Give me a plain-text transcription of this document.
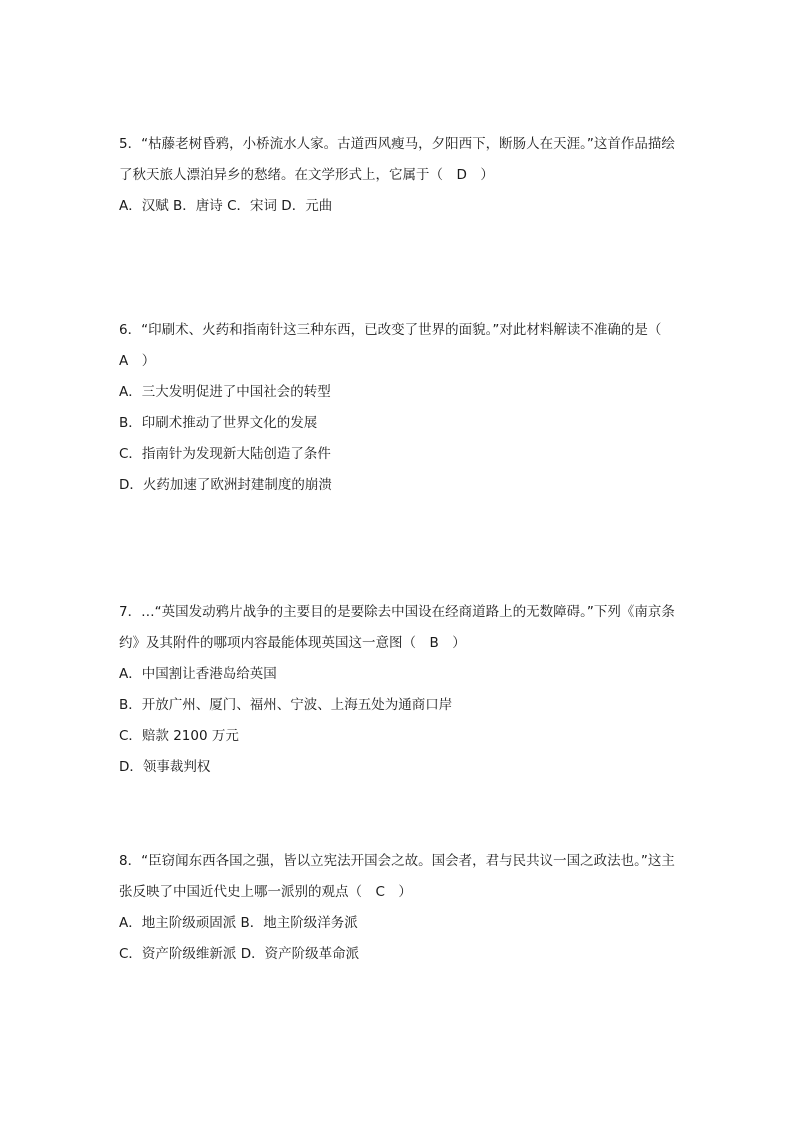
5．“枯藤老树昏鸦，小桥流水人家。古道西风瘦马，夕阳西下，断肠人在天涯。”这首作品描绘了秋天旅人漂泊异乡的愁绪。在文学形式上，它属于（　D　）

A．汉赋 B．唐诗 C．宋词 D．元曲

6．“印刷术、火药和指南针这三种东西，已改变了世界的面貌。”对此材料解读不准确的是（　A　）

A．三大发明促进了中国社会的转型

B．印刷术推动了世界文化的发展

C．指南针为发现新大陆创造了条件

D．火药加速了欧洲封建制度的崩溃

7．…“英国发动鸦片战争的主要目的是要除去中国设在经商道路上的无数障碍。”下列《南京条约》及其附件的哪项内容最能体现英国这一意图（　B　）

A．中国割让香港岛给英国

B．开放广州、厦门、福州、宁波、上海五处为通商口岸

C．赔款 2100 万元

D．领事裁判权

8．“臣窃闻东西各国之强，皆以立宪法开国会之故。国会者，君与民共议一国之政法也。”这主张反映了中国近代史上哪一派别的观点（　C　）

A．地主阶级顽固派 B．地主阶级洋务派

C．资产阶级维新派 D．资产阶级革命派
